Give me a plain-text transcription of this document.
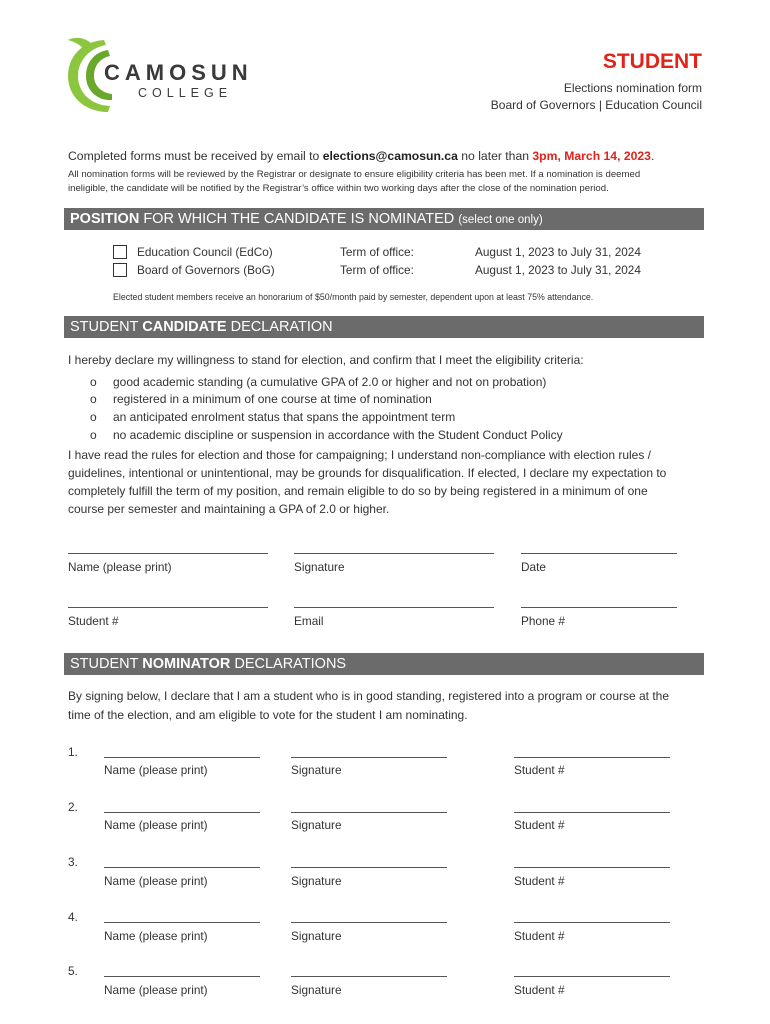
CAMOSUN
COLLEGE
STUDENT
Elections nomination form
Board of Governors | Education Council
Completed forms must be received by email to elections@camosun.ca no later than 3pm, March 14, 2023.
All nomination forms will be reviewed by the Registrar or designate to ensure eligibility criteria has been met. If a nomination is deemed
ineligible, the candidate will be notified by the Registrar’s office within two working days after the close of the nomination period.
POSITION FOR WHICH THE CANDIDATE IS NOMINATED (select one only)
Education Council (EdCo)	Term of office:	August 1, 2023 to July 31, 2024
Board of Governors (BoG)	Term of office:	August 1, 2023 to July 31, 2024
Elected student members receive an honorarium of $50/month paid by semester, dependent upon at least 75% attendance.
STUDENT CANDIDATE DECLARATION
I hereby declare my willingness to stand for election, and confirm that I meet the eligibility criteria:
o good academic standing (a cumulative GPA of 2.0 or higher and not on probation)
o registered in a minimum of one course at time of nomination
o an anticipated enrolment status that spans the appointment term
o no academic discipline or suspension in accordance with the Student Conduct Policy
I have read the rules for election and those for campaigning; I understand non-compliance with election rules /
guidelines, intentional or unintentional, may be grounds for disqualification. If elected, I declare my expectation to
completely fulfill the term of my position, and remain eligible to do so by being registered in a minimum of one
course per semester and maintaining a GPA of 2.0 or higher.
Name (please print)	Signature	Date
Student #	Email	Phone #
STUDENT NOMINATOR DECLARATIONS
By signing below, I declare that I am a student who is in good standing, registered into a program or course at the
time of the election, and am eligible to vote for the student I am nominating.
1.
Name (please print)	Signature	Student #
2.
Name (please print)	Signature	Student #
3.
Name (please print)	Signature	Student #
4.
Name (please print)	Signature	Student #
5.
Name (please print)	Signature	Student #
